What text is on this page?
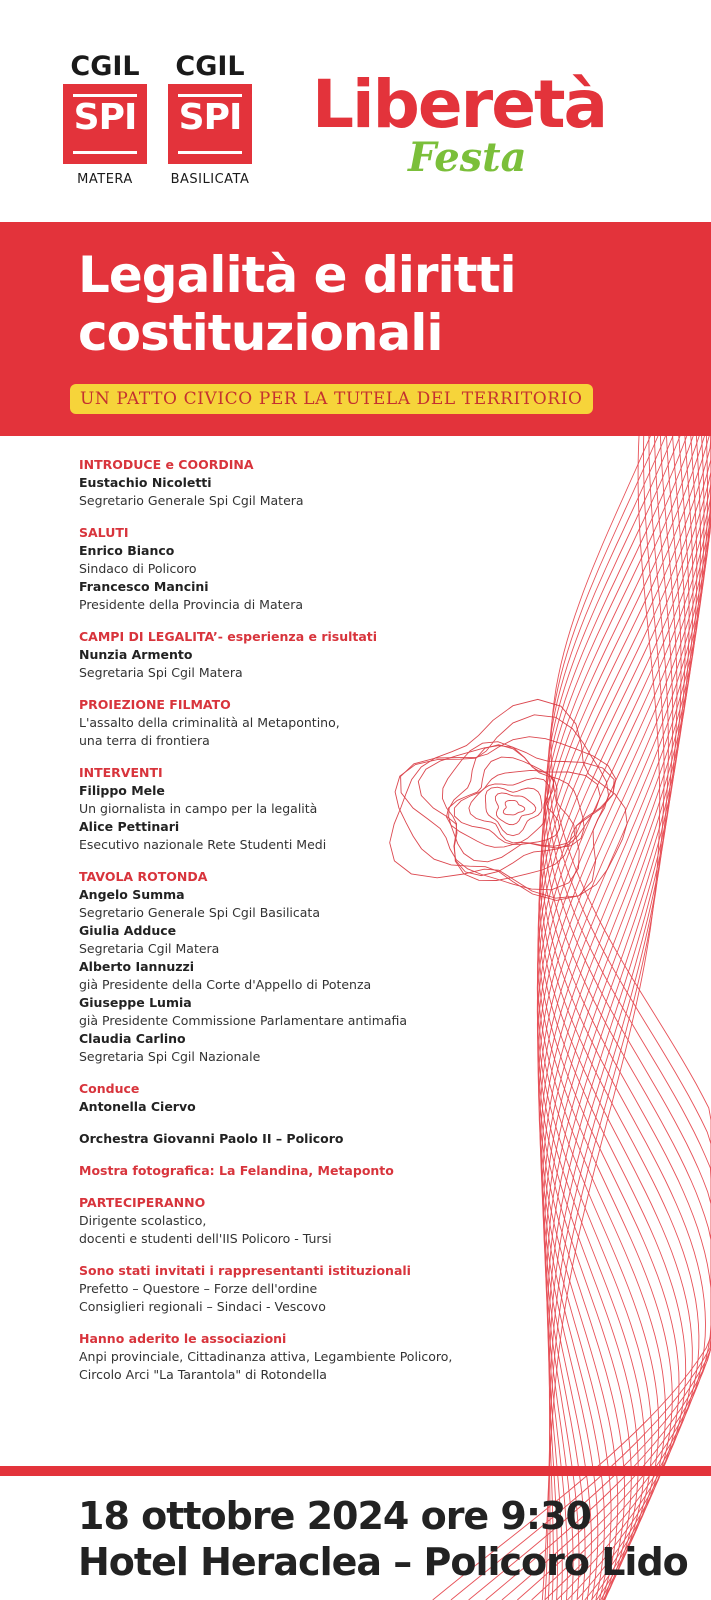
CGIL
SPI
MATERA
CGIL
SPI
BASILICATA
Liberetà
Festa
Legalità e diritti
costituzionali
UN PATTO CIVICO PER LA TUTELA DEL TERRITORIO
INTRODUCE e COORDINA
Eustachio Nicoletti
Segretario Generale Spi Cgil Matera
SALUTI
Enrico Bianco
Sindaco di Policoro
Francesco Mancini
Presidente della Provincia di Matera
CAMPI DI LEGALITA’- esperienza e risultati
Nunzia Armento
Segretaria Spi Cgil Matera
PROIEZIONE FILMATO
L'assalto della criminalità al Metapontino,
una terra di frontiera
INTERVENTI
Filippo Mele
Un giornalista in campo per la legalità
Alice Pettinari
Esecutivo nazionale Rete Studenti Medi
TAVOLA ROTONDA
Angelo Summa
Segretario Generale Spi Cgil Basilicata
Giulia Adduce
Segretaria Cgil Matera
Alberto Iannuzzi
già Presidente della Corte d'Appello di Potenza
Giuseppe Lumia
già Presidente Commissione Parlamentare antimafia
Claudia Carlino
Segretaria Spi Cgil Nazionale
Conduce
Antonella Ciervo
Orchestra Giovanni Paolo II – Policoro
Mostra fotografica: La Felandina, Metaponto
PARTECIPERANNO
Dirigente scolastico,
docenti e studenti dell'IIS Policoro - Tursi
Sono stati invitati i rappresentanti istituzionali
Prefetto – Questore – Forze dell'ordine
Consiglieri regionali – Sindaci - Vescovo
Hanno aderito le associazioni
Anpi provinciale, Cittadinanza attiva, Legambiente Policoro,
Circolo Arci "La Tarantola" di Rotondella
18 ottobre 2024 ore 9:30
Hotel Heraclea – Policoro Lido
